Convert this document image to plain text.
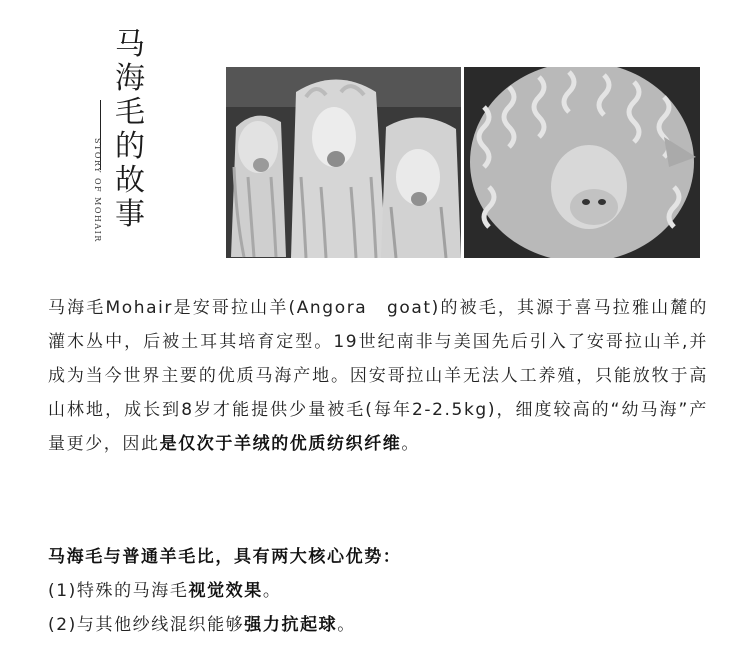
马
海
毛
的
故
事
STORY OF MOHAIR
马海毛Mohair是安哥拉山羊(Angora　goat)的被毛，其源于喜马拉雅山麓的灌木丛中，后被土耳其培育定型。19世纪南非与美国先后引入了安哥拉山羊,并成为当今世界主要的优质马海产地。因安哥拉山羊无法人工养殖，只能放牧于高山林地，成长到8岁才能提供少量被毛(每年2-2.5kg)，细度较高的“幼马海”产量更少，因此是仅次于羊绒的优质纺织纤维。
马海毛与普通羊毛比，具有两大核心优势：
(1)特殊的马海毛视觉效果。
(2)与其他纱线混织能够强力抗起球。
